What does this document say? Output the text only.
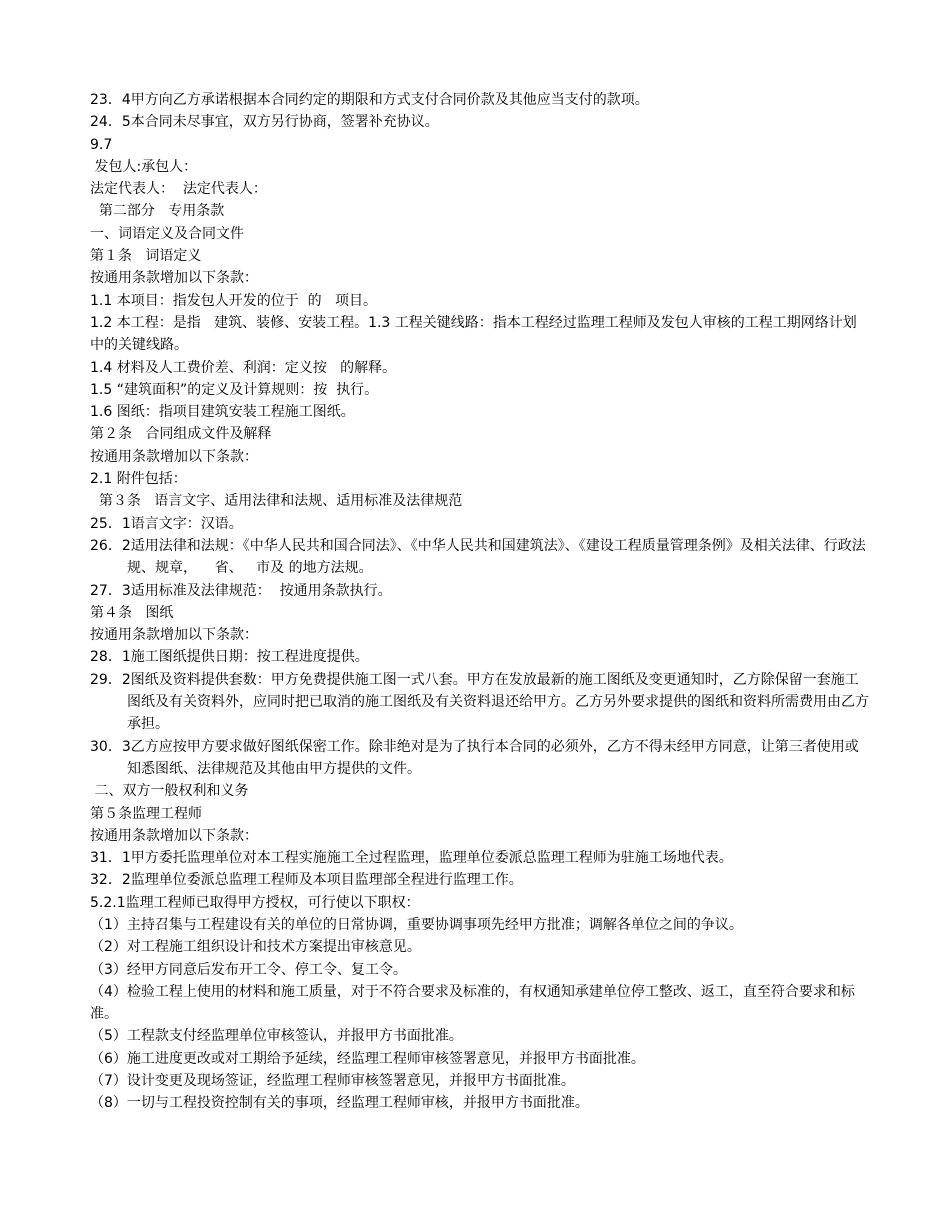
23．4甲方向乙方承诺根据本合同约定的期限和方式支付合同价款及其他应当支付的款项。
24．5本合同未尽事宜，双方另行协商，签署补充协议。
9.7
发包人:承包人：
法定代表人：  法定代表人：
第二部分   专用条款
一、词语定义及合同文件
第１条   词语定义
按通用条款增加以下条款：
1.1 本项目：指发包人开发的位于  的   项目。
1.2 本工程：是指   建筑、装修、安装工程。1.3 工程关键线路：指本工程经过监理工程师及发包人审核的工程工期网络计划中的关键线路。
1.4 材料及人工费价差、利润：定义按   的解释。
1.5 “建筑面积”的定义及计算规则：按  执行。
1.6 图纸：指项目建筑安装工程施工图纸。
第２条   合同组成文件及解释
按通用条款增加以下条款：
2.1 附件包括：
第３条   语言文字、适用法律和法规、适用标准及法律规范
25．1语言文字：汉语。
26．2适用法律和法规：《中华人民共和国合同法》、《中华人民共和国建筑法》、《建设工程质量管理条例》及相关法律、行政法规、规章，    省、   市及 的地方法规。
27．3适用标准及法律规范：  按通用条款执行。
第４条   图纸
按通用条款增加以下条款：
28．1施工图纸提供日期：按工程进度提供。
29．2图纸及资料提供套数：甲方免费提供施工图一式八套。甲方在发放最新的施工图纸及变更通知时，乙方除保留一套施工图纸及有关资料外，应同时把已取消的施工图纸及有关资料退还给甲方。乙方另外要求提供的图纸和资料所需费用由乙方承担。
30．3乙方应按甲方要求做好图纸保密工作。除非绝对是为了执行本合同的必须外，乙方不得未经甲方同意，让第三者使用或知悉图纸、法律规范及其他由甲方提供的文件。
二、双方一般权利和义务
第５条监理工程师
按通用条款增加以下条款：
31．1甲方委托监理单位对本工程实施施工全过程监理，监理单位委派总监理工程师为驻施工场地代表。
32．2监理单位委派总监理工程师及本项目监理部全程进行监理工作。
5.2.1监理工程师已取得甲方授权，可行使以下职权：
（1）主持召集与工程建设有关的单位的日常协调，重要协调事项先经甲方批准；调解各单位之间的争议。
（2）对工程施工组织设计和技术方案提出审核意见。
（3）经甲方同意后发布开工令、停工令、复工令。
（4）检验工程上使用的材料和施工质量，对于不符合要求及标准的，有权通知承建单位停工整改、返工，直至符合要求和标准。
（5）工程款支付经监理单位审核签认，并报甲方书面批准。
（6）施工进度更改或对工期给予延续，经监理工程师审核签署意见，并报甲方书面批准。
（7）设计变更及现场签证，经监理工程师审核签署意见，并报甲方书面批准。
（8）一切与工程投资控制有关的事项，经监理工程师审核，并报甲方书面批准。
